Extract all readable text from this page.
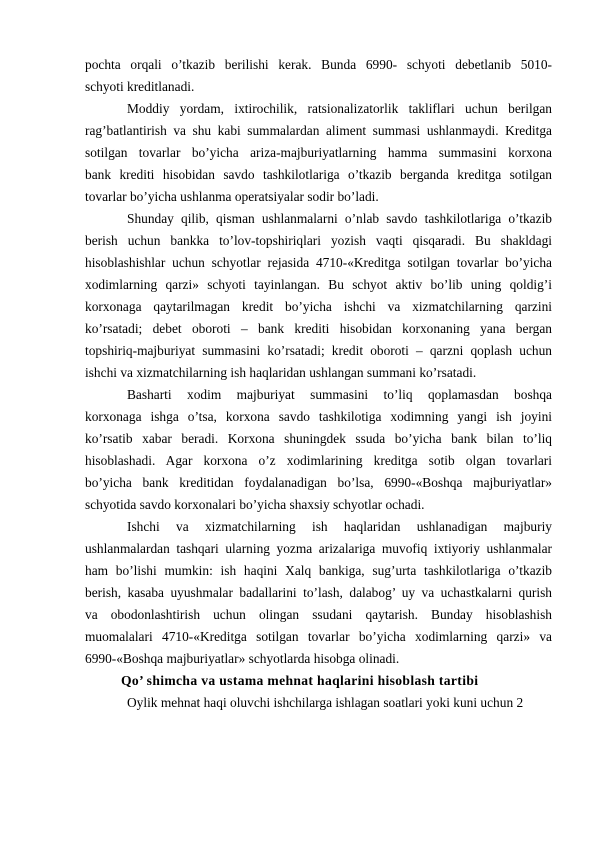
pochta orqali o’tkazib berilishi kerak. Bunda 6990- schyoti debetlanib 5010-

schyoti kreditlanadi.

Moddiy yordam, ixtirochilik, ratsionalizatorlik takliflari uchun berilgan

rag’batlantirish va shu kabi summalardan aliment summasi ushlanmaydi. Kreditga

sotilgan tovarlar bo’yicha ariza-majburiyatlarning hamma summasini korxona

bank krediti hisobidan savdo tashkilotlariga o’tkazib berganda kreditga sotilgan

tovarlar bo’yicha ushlanma operatsiyalar sodir bo’ladi.

Shunday qilib, qisman ushlanmalarni o’nlab savdo tashkilotlariga o’tkazib

berish uchun bankka to’lov-topshiriqlari yozish vaqti qisqaradi. Bu shakldagi

hisoblashishlar uchun schyotlar rejasida 4710-«Kreditga sotilgan tovarlar bo’yicha

xodimlarning qarzi» schyoti tayinlangan. Bu schyot aktiv bo’lib uning qoldig’i

korxonaga qaytarilmagan kredit bo’yicha ishchi va xizmatchilarning qarzini

ko’rsatadi; debet oboroti – bank krediti hisobidan korxonaning yana bergan

topshiriq-majburiyat summasini ko’rsatadi; kredit oboroti – qarzni qoplash uchun

ishchi va xizmatchilarning ish haqlaridan ushlangan summani ko’rsatadi.

Basharti xodim majburiyat summasini to’liq qoplamasdan boshqa

korxonaga ishga o’tsa, korxona savdo tashkilotiga xodimning yangi ish joyini

ko’rsatib xabar beradi. Korxona shuningdek ssuda bo’yicha bank bilan to’liq

hisoblashadi. Agar korxona o’z xodimlarining kreditga sotib olgan tovarlari

bo’yicha bank kreditidan foydalanadigan bo’lsa, 6990-«Boshqa majburiyatlar»

schyotida savdo korxonalari bo’yicha shaxsiy schyotlar ochadi.

Ishchi va xizmatchilarning ish haqlaridan ushlanadigan majburiy

ushlanmalardan tashqari ularning yozma arizalariga muvofiq ixtiyoriy ushlanmalar

ham bo’lishi mumkin: ish haqini Xalq bankiga, sug’urta tashkilotlariga o’tkazib

berish, kasaba uyushmalar badallarini to’lash, dalabog’ uy va uchastkalarni qurish

va obodonlashtirish uchun olingan ssudani qaytarish. Bunday hisoblashish

muomalalari 4710-«Kreditga sotilgan tovarlar bo’yicha xodimlarning qarzi» va

6990-«Boshqa majburiyatlar» schyotlarda hisobga olinadi.

Qo’ shimcha va ustama mehnat haqlarini hisoblash tartibi

Oylik mehnat haqi oluvchi ishchilarga ishlagan soatlari yoki kuni uchun 2
